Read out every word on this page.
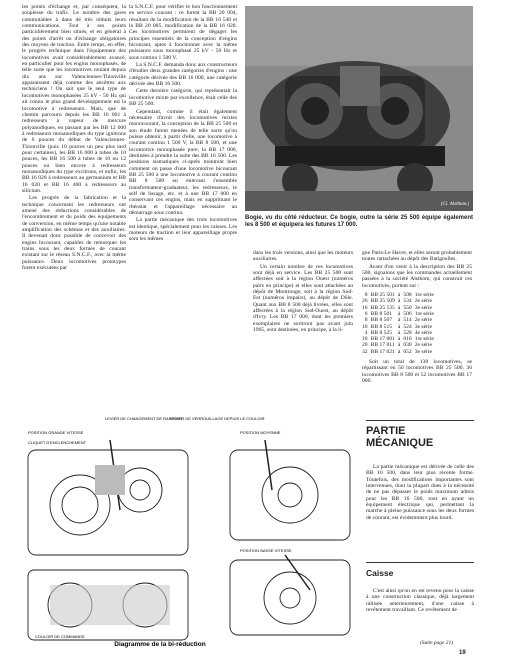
les points d'échange et, par conséquent, la souplesse du trafic. Le nombre des gares commutables à dans dé très réduits leurs communications. Tout à ses points particulièrement bien situés, et en général à des points d'arrêt ou d'échange obligatoires des moyens de traction. Entre temps, en effet, le progrès technique dans l'équipement des locomotives avait considérablement avancé, en particulier pour les engins monophasés, de telle sorte que les locomotives roulant depuis dix ans sur Valenciennes-Thionville apparaissent déjà comme des ancêtres aux techniciens ! On sait que le seul type de locomotives monophasées 25 kV - 50 Hz qui ait connu le plus grand développement est la locomotive à redresseurs. Mais, que de chemin parcouru depuis les BB 16 001 à redresseurs à vapeur de mercure polyanodiques, en passant par les BB 12 000 à redresseurs monanodiques du type ignitrons de 6 pouces du début de Valenciennes-Thionville (puis 10 pouces un peu plus tard pour certaines), les BB 16 000 à tubes de 10 pouces, les BB 16 500 à tubes de 10 ou 12 pouces ou bien encore à redresseurs monanodiques du type excitrons, et enfin, les BB 16 028 à redresseurs au germanium et BB 16 020 et BB 16 400 à redresseurs au silicium.

Les progrès de la fabrication et la technique concernant les redresseurs ont amené des réductions considérables de l'encombrement et du poids des équipements de conversion, en même temps qu'une notable amplification des schémas et des auxiliaires. Il devenait donc possible de concevoir des engins bicourant, capables de remorquer les trains sous les deux formes de courant existant sur le réseau S.N.C.F., avec la même puissance. Deux locomotives prototypes furent exécutées par

la S.N.C.F. pour vérifier le bon fonctionnement en service courant : ce furent la BB 20 004, résultant de la modification de la BB 16 540 et la BB 20 005, modification de la BB 16 028. Ces locomotives permirent de dégager les principes essentiels de la conception d'engins bicourant, aptes à fonctionner avec la même puissance sous monophasé 25 kV - 50 Hz et sous continu 1 500 V.

La S.N.C.F. demanda donc aux constructeurs d'étudier deux grandes catégories d'engins : une catégorie dérivée des BB 16 000, une catégorie dérivée des BB 16 500.

Cette dernière catégorie, qui représentait la locomotive mixte par excellence, était celle des BB 25 500.

Cependant, comme il était également nécessaire d'avoir des locomotives mixtes monocourant, la conception de la BB 25 500 et son étude furent menées de telle sorte qu'on puisse obtenir, à partir d'elle, une locomotive à courant continu 1 500 V, la BB 8 500, et une locomotive monophasée pure, la BB 17 000, destinées à prendre la suite des BB 16 500. Les positions sismatiques ci-après montrent bien comment on passe d'une locomotive bicourant BB 25 500 à une locomotive à courant continu BB 8 500 en enlevant l'ensemble transformateur-graduateur, les redresseurs, le self de lissage, etc. et à une BB 17 000 en conservant ces engins, mais en supprimant le rhéostat et l'appareillage nécessaire au démarrage sous continu.

La partie mécanique des trois locomotives est identique, spécialement pour les caisses. Les moteurs de traction et leur appareillage propre sont les mêmes

(Cl. Alsthom.)
Bogie, vu du côté réducteur. Ce bogie, outre la série 25 500 équipe également les 8 500 et équipera les futures 17 000.

dans les trois versions, ainsi que les moteurs auxiliaires.

Un certain nombre de ces locomotives sont déjà en service. Les BB 25 500 sont affectées soit à la région Ouest (numéros pairs en principe) et elles sont attachées au dépôt de Montrouge, soit à la région Sud-Est (numéros impairs), au dépôt de Dôle. Quant aux BB 8 500 déjà livrées, elles sont affectées à la région Sud-Ouest, au dépôt d'Ivry. Les BB 17 000, dont les premiers exemplaires ne sortiront pas avant juin 1965, sont destinées, en principe, à la li-

gne Paris-Le Havre, et elles seront probablement toutes rattachées au dépôt des Batignolles.

Avant d'en venir à la description des BB 25 500, signalons que les commandes actuellement passées à la société Alsthom, qui construit ces locomotives, portent sur :

8	BB 25 501	à	508	1re série
26	BB 25 509	à	534	2e série
16	BB 25 535	à	550	3e série
6	BB 8 501	à	506	1re série
8	BB 8 507	à	514	2e série
10	BB 8 515	à	524	3e série
4	BB 8 525	à	528	4e série
10	BB 17 001	à	010	1re série
20	BB 17 011	à	030	2e série
32	BB 17 021	à	052	3e série

Soit un total de 138 locomotives, se répartissant en 50 locomotives BB 25 500, 36 locomotives BB 8 500 et 52 locomotives BB 17 000.

POSITION GRANDE VITESSE
LEVIER DE CHANGEMENT DE RAPPORT
CLIQUET D'ENCLENCHEMENT
LEVIER DE VERROUILLAGE DEPUIS LE COULOIR
POSITION MOYENNE
POSITION BASSE VITESSE
COULOIR DE COMMANDE
Diagramme de la bi-réduction
PARTIE
MÉCANIQUE
La partie mécanique est dérivée de celle des BB 16 500, dans leur plus récente forme. Toutefois, des modifications importantes sont intervenues, dont la plupart dues à la nécessité de ne pas dépasser le poids maximum admis pour les BB 16 500, tout en ayant un équipement électrique qui, permettant la marche à pleine puissance sous les deux formes de courant, est évidemment plus lourd.
Caisse
C'est ainsi qu'on en est revenu pour la caisse à une construction classique, déjà largement utilisée antérieurement, d'une caisse à revêtement travaillant. Ce revêtement de
(Suite page 21)
19
